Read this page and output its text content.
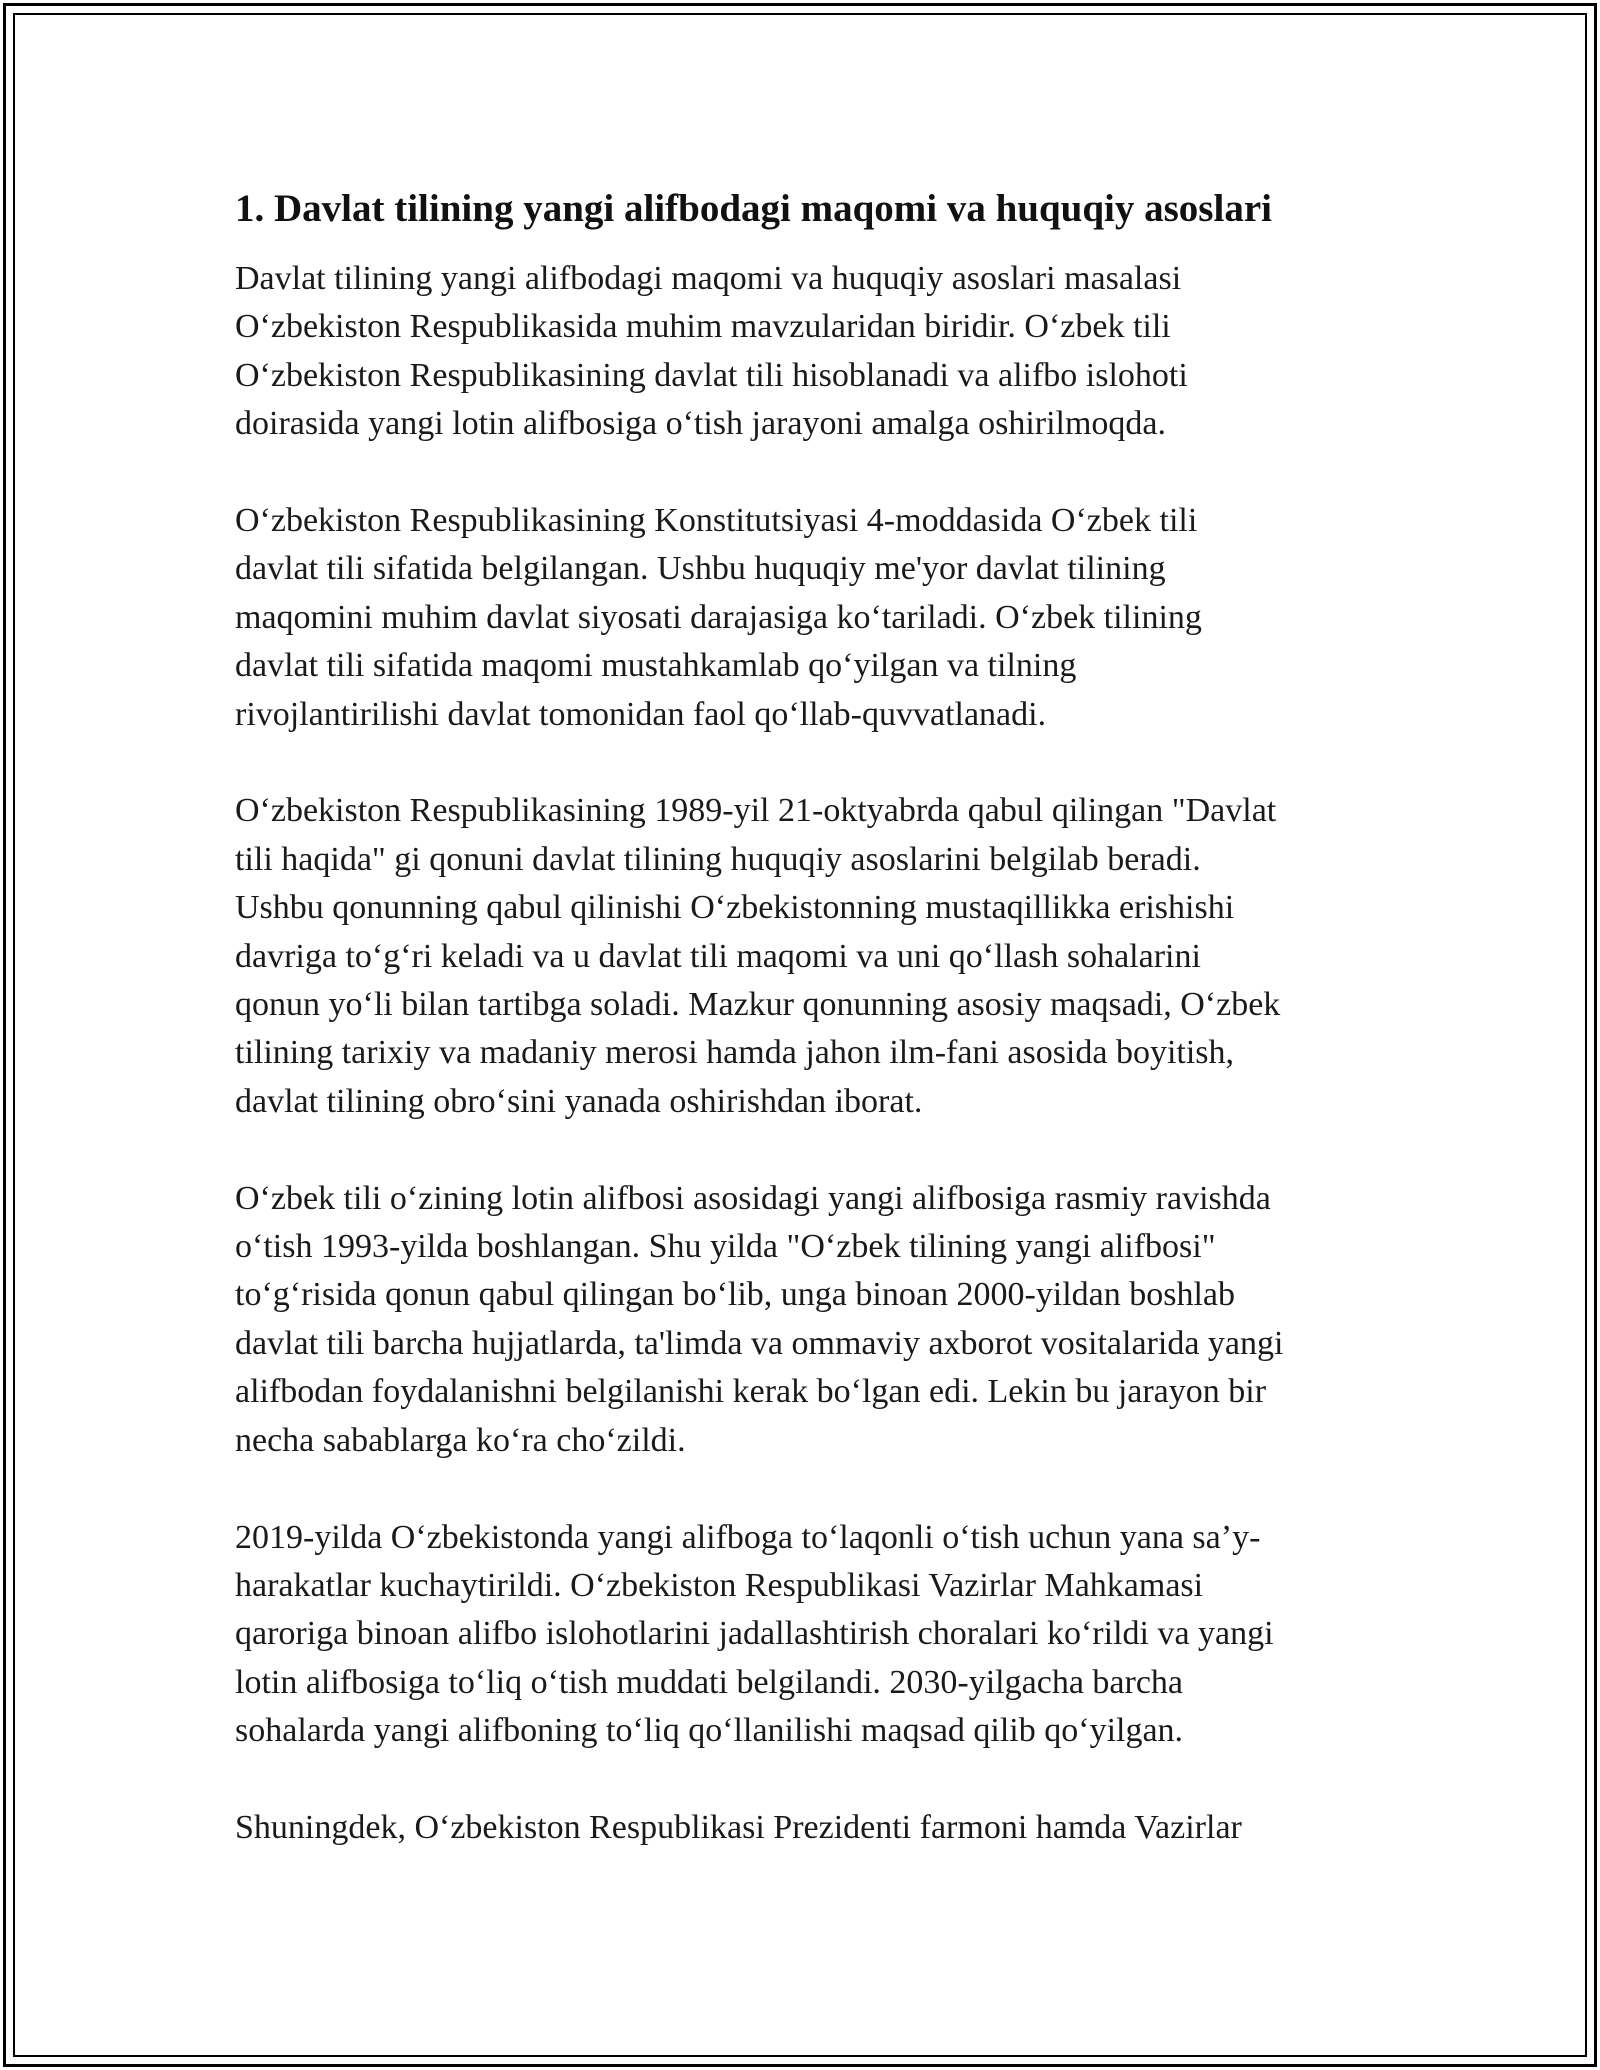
1. Davlat tilining yangi alifbodagi maqomi va huquqiy asoslari
Davlat tilining yangi alifbodagi maqomi va huquqiy asoslari masalasi
O‘zbekiston Respublikasida muhim mavzularidan biridir. O‘zbek tili
O‘zbekiston Respublikasining davlat tili hisoblanadi va alifbo islohoti
doirasida yangi lotin alifbosiga o‘tish jarayoni amalga oshirilmoqda.
O‘zbekiston Respublikasining Konstitutsiyasi 4-moddasida O‘zbek tili
davlat tili sifatida belgilangan. Ushbu huquqiy me'yor davlat tilining
maqomini muhim davlat siyosati darajasiga ko‘tariladi. O‘zbek tilining
davlat tili sifatida maqomi mustahkamlab qo‘yilgan va tilning
rivojlantirilishi davlat tomonidan faol qo‘llab-quvvatlanadi.
O‘zbekiston Respublikasining 1989-yil 21-oktyabrda qabul qilingan "Davlat
tili haqida" gi qonuni davlat tilining huquqiy asoslarini belgilab beradi.
Ushbu qonunning qabul qilinishi O‘zbekistonning mustaqillikka erishishi
davriga to‘g‘ri keladi va u davlat tili maqomi va uni qo‘llash sohalarini
qonun yo‘li bilan tartibga soladi. Mazkur qonunning asosiy maqsadi, O‘zbek
tilining tarixiy va madaniy merosi hamda jahon ilm-fani asosida boyitish,
davlat tilining obro‘sini yanada oshirishdan iborat.
O‘zbek tili o‘zining lotin alifbosi asosidagi yangi alifbosiga rasmiy ravishda
o‘tish 1993-yilda boshlangan. Shu yilda "O‘zbek tilining yangi alifbosi"
to‘g‘risida qonun qabul qilingan bo‘lib, unga binoan 2000-yildan boshlab
davlat tili barcha hujjatlarda, ta'limda va ommaviy axborot vositalarida yangi
alifbodan foydalanishni belgilanishi kerak bo‘lgan edi. Lekin bu jarayon bir
necha sabablarga ko‘ra cho‘zildi.
2019-yilda O‘zbekistonda yangi alifboga to‘laqonli o‘tish uchun yana sa’y-
harakatlar kuchaytirildi. O‘zbekiston Respublikasi Vazirlar Mahkamasi
qaroriga binoan alifbo islohotlarini jadallashtirish choralari ko‘rildi va yangi
lotin alifbosiga to‘liq o‘tish muddati belgilandi. 2030-yilgacha barcha
sohalarda yangi alifboning to‘liq qo‘llanilishi maqsad qilib qo‘yilgan.
Shuningdek, O‘zbekiston Respublikasi Prezidenti farmoni hamda Vazirlar
